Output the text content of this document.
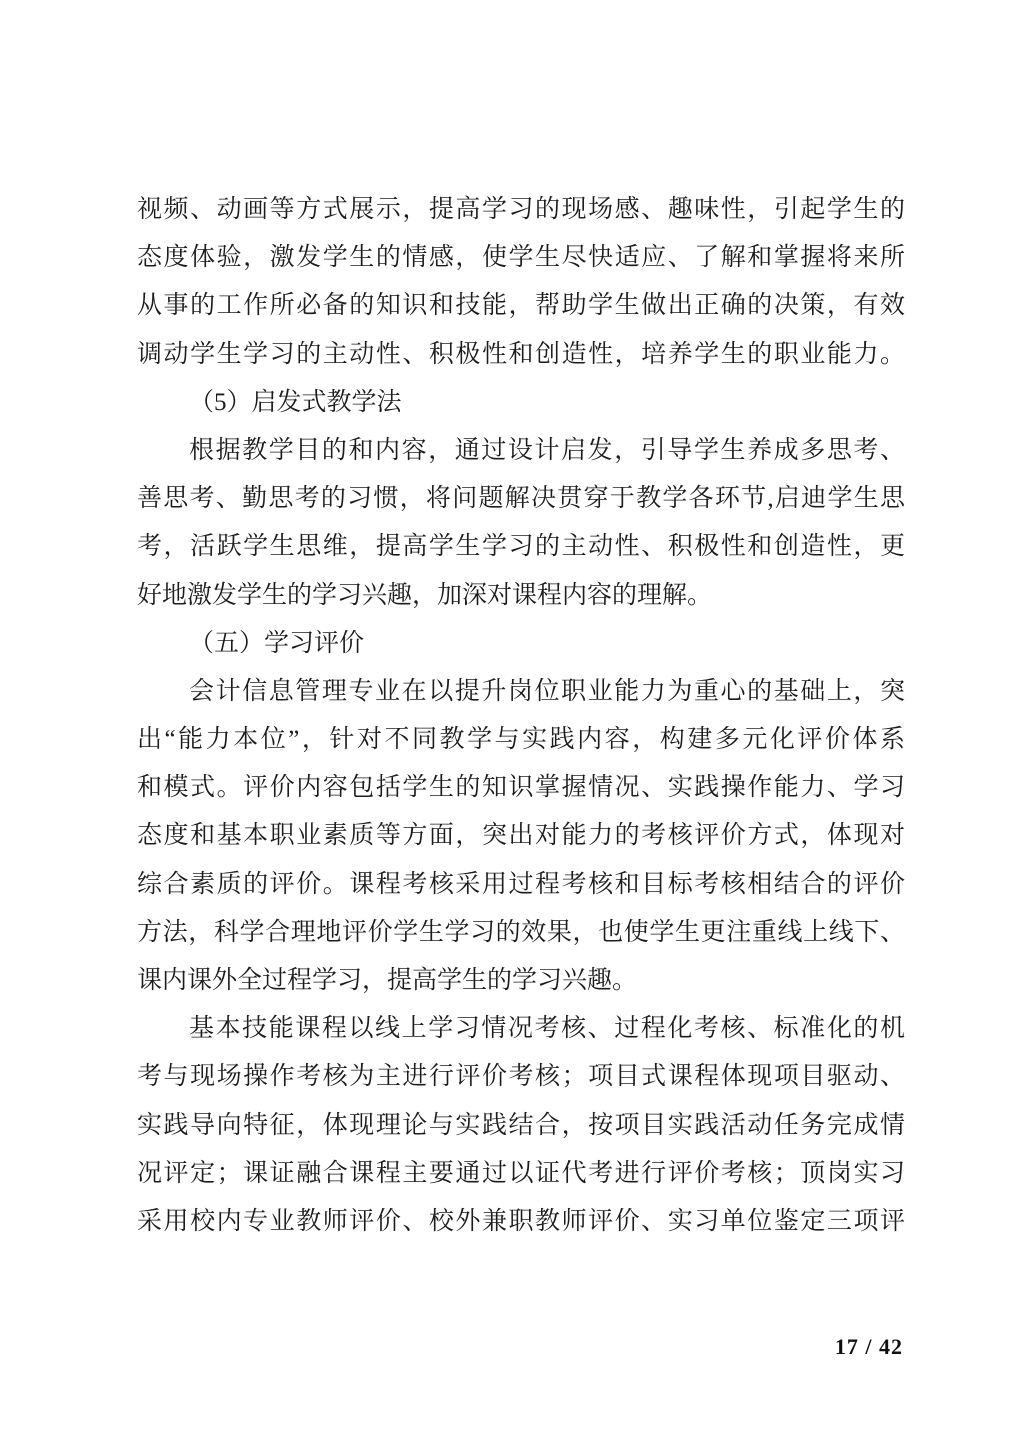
视频、动画等方式展示，提高学习的现场感、趣味性，引起学生的
态度体验，激发学生的情感，使学生尽快适应、了解和掌握将来所
从事的工作所必备的知识和技能，帮助学生做出正确的决策，有效
调动学生学习的主动性、积极性和创造性，培养学生的职业能力。
（5）启发式教学法
根据教学目的和内容，通过设计启发，引导学生养成多思考、
善思考、勤思考的习惯，将问题解决贯穿于教学各环节,启迪学生思
考，活跃学生思维，提高学生学习的主动性、积极性和创造性，更
好地激发学生的学习兴趣，加深对课程内容的理解。
（五）学习评价
会计信息管理专业在以提升岗位职业能力为重心的基础上，突
出“能力本位”，针对不同教学与实践内容，构建多元化评价体系
和模式。评价内容包括学生的知识掌握情况、实践操作能力、学习
态度和基本职业素质等方面，突出对能力的考核评价方式，体现对
综合素质的评价。课程考核采用过程考核和目标考核相结合的评价
方法，科学合理地评价学生学习的效果，也使学生更注重线上线下、
课内课外全过程学习，提高学生的学习兴趣。
基本技能课程以线上学习情况考核、过程化考核、标准化的机
考与现场操作考核为主进行评价考核；项目式课程体现项目驱动、
实践导向特征，体现理论与实践结合，按项目实践活动任务完成情
况评定；课证融合课程主要通过以证代考进行评价考核；顶岗实习
采用校内专业教师评价、校外兼职教师评价、实习单位鉴定三项评
17 / 42
